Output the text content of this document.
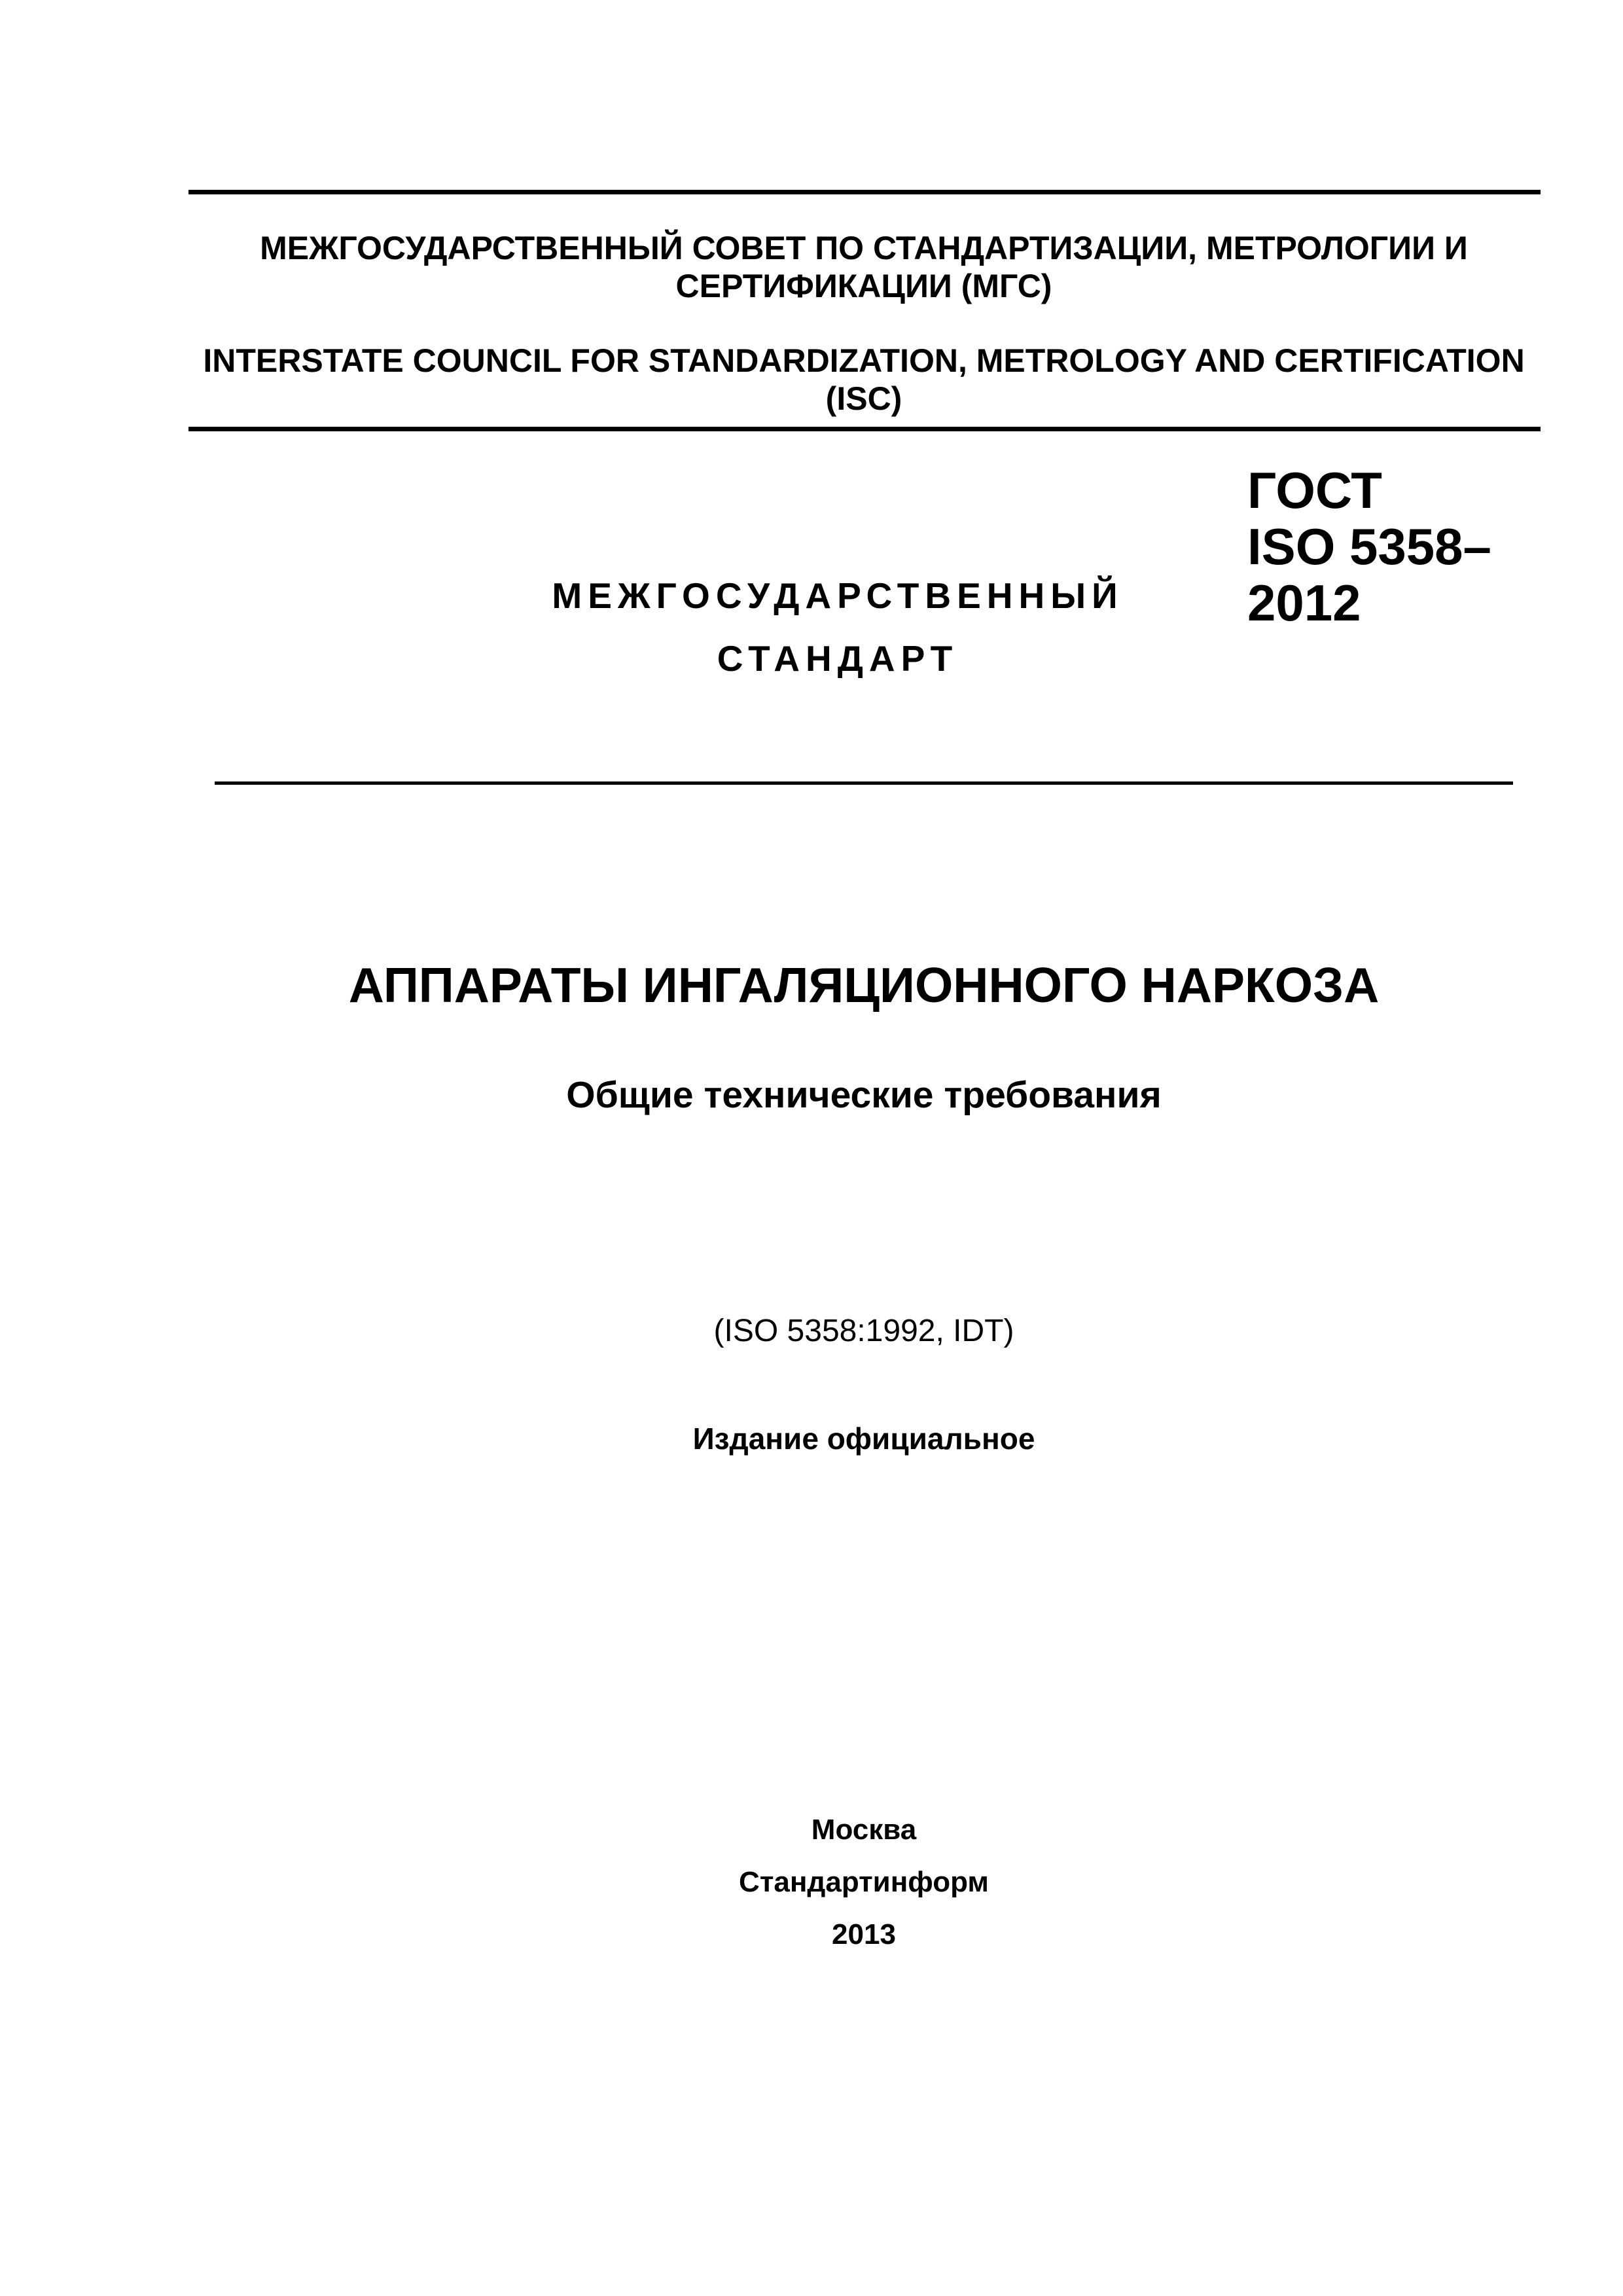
МЕЖГОСУДАРСТВЕННЫЙ СОВЕТ ПО СТАНДАРТИЗАЦИИ, МЕТРОЛОГИИ И
СЕРТИФИКАЦИИ (МГС)
INTERSTATE COUNCIL FOR STANDARDIZATION, METROLOGY AND CERTIFICATION
(ISC)
МЕЖГОСУДАРСТВЕННЫЙ
СТАНДАРТ
ГОСТ
ISO 5358–
2012
АППАРАТЫ ИНГАЛЯЦИОННОГО НАРКОЗА
Общие технические требования

(ISO 5358:1992, IDT)

Издание официальное

Москва
Стандартинформ
2013
